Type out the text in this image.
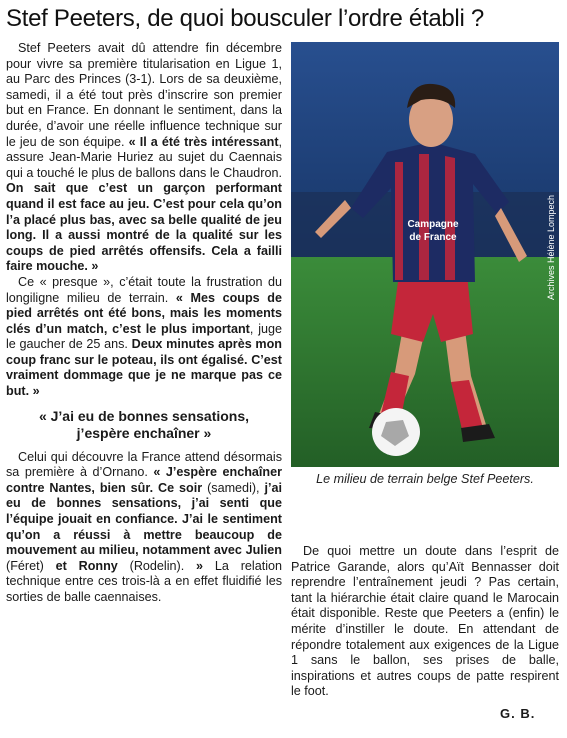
Stef Peeters, de quoi bousculer l’ordre établi ?

Stef Peeters avait dû attendre fin décembre pour vivre sa première titularisation en Ligue 1, au Parc des Princes (3-1). Lors de sa deuxième, samedi, il a été tout près d’inscrire son premier but en France. En donnant le sentiment, dans la durée, d’avoir une réelle influence technique sur le jeu de son équipe. « Il a été très intéressant, assure Jean-Marie Huriez au sujet du Caennais qui a touché le plus de ballons dans le Chaudron. On sait que c’est un garçon performant quand il est face au jeu. C’est pour cela qu’on l’a placé plus bas, avec sa belle qualité de jeu long. Il a aussi montré de la qualité sur les coups de pied arrêtés offensifs. Cela a failli faire mouche. »

Ce « presque », c’était toute la frustration du longiligne milieu de terrain. « Mes coups de pied arrêtés ont été bons, mais les moments clés d’un match, c’est le plus important, juge le gaucher de 25 ans. Deux minutes après mon coup franc sur le poteau, ils ont égalisé. C’est vraiment dommage que je ne marque pas ce but. »

« J’ai eu de bonnes sensations,
j’espère enchaîner »

Celui qui découvre la France attend désormais sa première à d’Ornano. « J’espère enchaîner contre Nantes, bien sûr. Ce soir (samedi), j’ai eu de bonnes sensations, j’ai senti que l’équipe jouait en confiance. J’ai le sentiment qu’on a réussi à mettre beaucoup de mouvement au milieu, notamment avec Julien (Féret) et Ronny (Rodelin). » La relation technique entre ces trois-là a en effet fluidifié les sorties de balle caennaises.

Campagne
de France	Archives Hélène Lompech
Le milieu de terrain belge Stef Peeters.

De quoi mettre un doute dans l’esprit de Patrice Garande, alors qu’Aït Bennasser doit reprendre l’entraînement jeudi ? Pas certain, tant la hiérarchie était claire quand le Marocain était disponible. Reste que Peeters a (enfin) le mérite d’instiller le doute. En attendant de répondre totalement aux exigences de la Ligue 1 sans le ballon, ses prises de balle, inspirations et autres coups de patte respirent le foot.

G. B.
